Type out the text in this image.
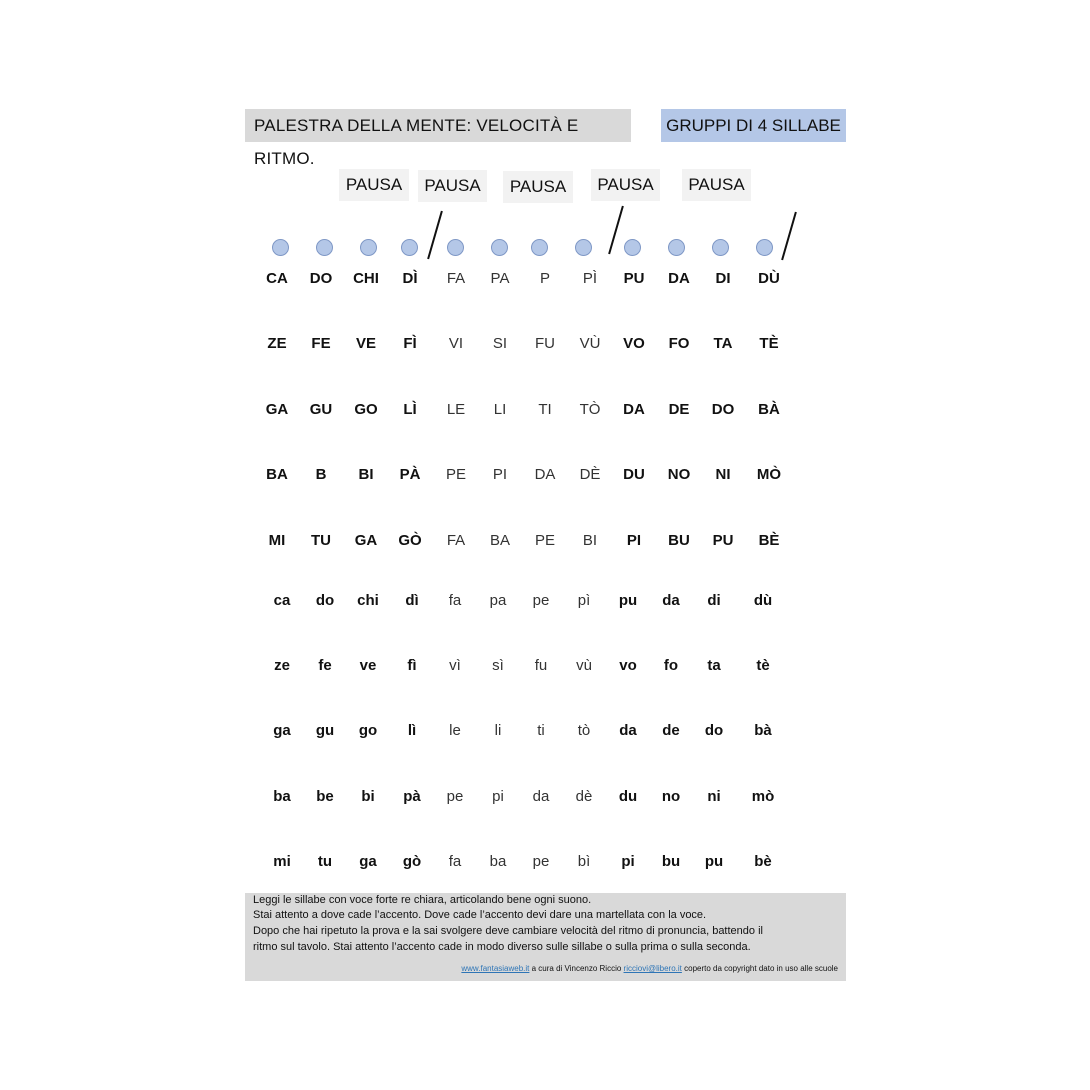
PALESTRA DELLA MENTE: VELOCITÀ E RITMO.
GRUPPI DI 4 SILLABE
PAUSA	PAUSA	PAUSA	PAUSA	PAUSA
CA	DO	CHI	DÌ	FA	PA	P	PÌ	PU	DA	DI	DÙ
ZE	FE	VE	FÌ	VI	SI	FU	VÙ	VO	FO	TA	TÈ
GA	GU	GO	LÌ	LE	LI	TI	TÒ	DA	DE	DO	BÀ
BA	B	BI	PÀ	PE	PI	DA	DÈ	DU	NO	NI	MÒ
MI	TU	GA	GÒ	FA	BA	PE	BI	PI	BU	PU	BÈ
ca	do	chi	dì	fa	pa	pe	pì	pu	da	di	dù
ze	fe	ve	fì	vì	sì	fu	vù	vo	fo	ta	tè
ga	gu	go	lì	le	li	ti	tò	da	de	do	bà
ba	be	bi	pà	pe	pi	da	dè	du	no	ni	mò
mi	tu	ga	gò	fa	ba	pe	bì	pi	bu	pu	bè
Leggi le sillabe con voce forte re chiara, articolando bene ogni suono.
Stai attento a dove cade l’accento. Dove cade l’accento devi dare una martellata con la voce.
Dopo che hai ripetuto la prova e la sai svolgere deve cambiare velocità del ritmo di pronuncia, battendo il
ritmo sul tavolo. Stai attento l’accento cade in modo diverso sulle sillabe o sulla prima o sulla seconda.
www.fantasiaweb.it a cura di Vincenzo Riccio ricciovi@libero.it coperto da copyright dato in uso alle scuole
